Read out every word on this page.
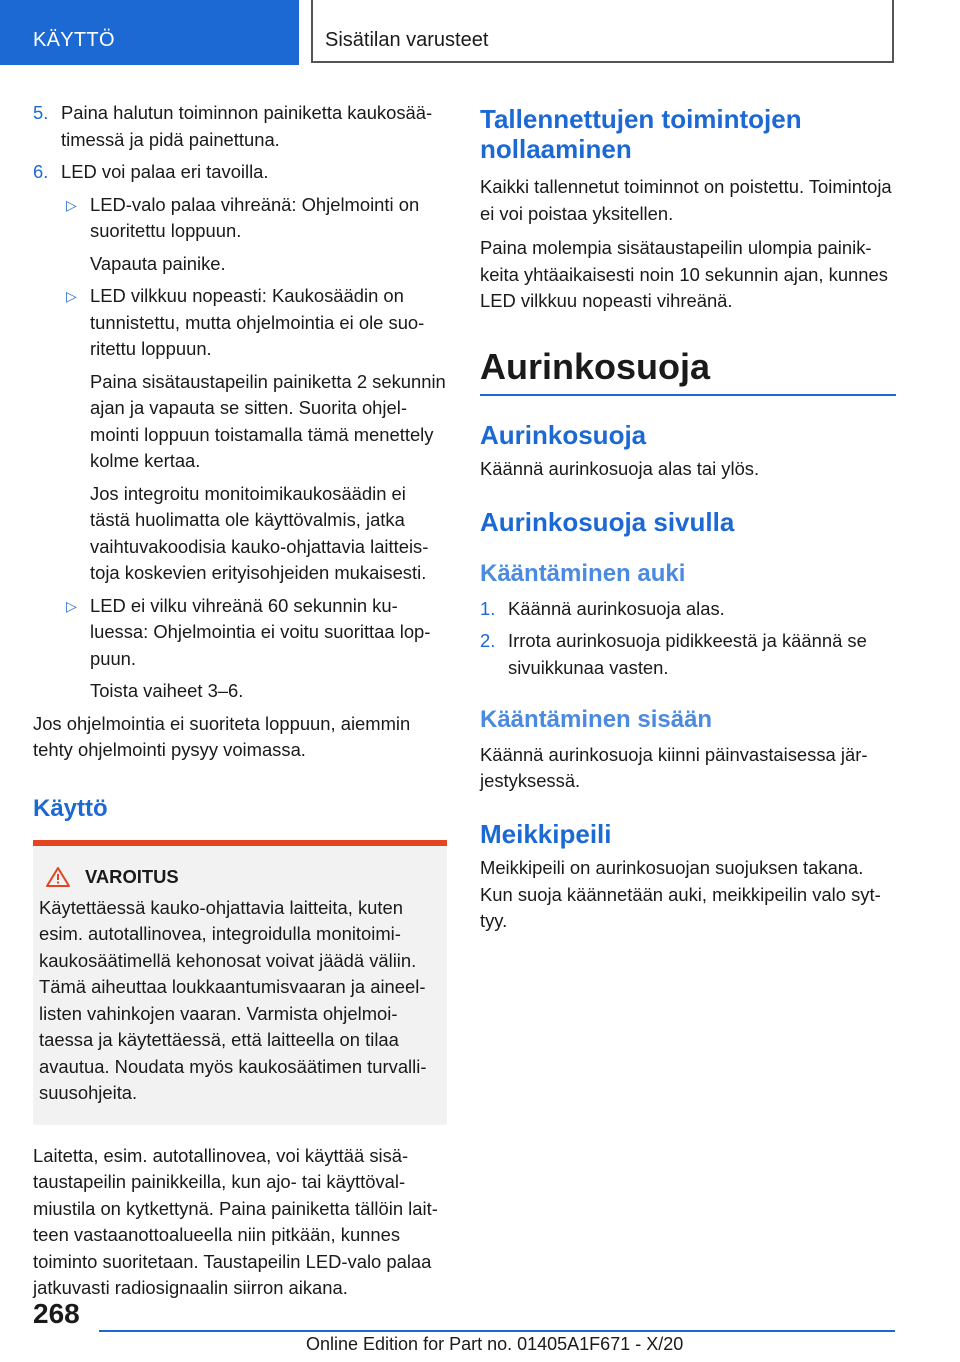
KÄYTTÖ	Sisätilan varusteet
5. Paina halutun toiminnon painiketta kaukosäätimessä ja pidä painettuna.

6. LED voi palaa eri tavoilla.

▷ LED-valo palaa vihreänä: Ohjelmointi on suoritettu loppuun.

Vapauta painike.

▷ LED vilkkuu nopeasti: Kaukosäädin on tunnistettu, mutta ohjelmointia ei ole suoritettu loppuun.

Paina sisätaustapeilin painiketta 2 sekunnin ajan ja vapauta se sitten. Suorita ohjelmointi loppuun toistamalla tämä menettely kolme kertaa.

Jos integroitu monitoimikaukosäädin ei tästä huolimatta ole käyttövalmis, jatka vaihtuvakoodisia kauko-ohjattavia laitteistoja koskevien erityisohjeiden mukaisesti.

▷ LED ei vilku vihreänä 60 sekunnin kuluessa: Ohjelmointia ei voitu suorittaa loppuun.

Toista vaiheet 3–6.

Jos ohjelmointia ei suoriteta loppuun, aiemmin tehty ohjelmointi pysyy voimassa.

Käyttö
VAROITUS

Käytettäessä kauko-ohjattavia laitteita, kuten esim. autotallinovea, integroidulla monitoimikaukosäätimellä kehonosat voivat jäädä väliin. Tämä aiheuttaa loukkaantumisvaaran ja aineellisten vahinkojen vaaran. Varmista ohjelmoitaessa ja käytettäessä, että laitteella on tilaa avautua. Noudata myös kaukosäätimen turvallisuusohjeita.

Laitetta, esim. autotallinovea, voi käyttää sisätaustapeilin painikkeilla, kun ajo- tai käyttövalmiustila on kytkettynä. Paina painiketta tällöin laitteen vastaanottoalueella niin pitkään, kunnes toiminto suoritetaan. Taustapeilin LED-valo palaa jatkuvasti radiosignaalin siirron aikana.

Tallennettujen toimintojen nollaaminen

Kaikki tallennetut toiminnot on poistettu. Toimintoja ei voi poistaa yksitellen.

Paina molempia sisätaustapeilin ulompia painikkeita yhtäaikaisesti noin 10 sekunnin ajan, kunnes LED vilkkuu nopeasti vihreänä.

Aurinkosuoja
Aurinkosuoja

Käännä aurinkosuoja alas tai ylös.

Aurinkosuoja sivulla
Kääntäminen auki
1. Käännä aurinkosuoja alas.

2. Irrota aurinkosuoja pidikkeestä ja käännä se sivuikkunaa vasten.

Kääntäminen sisään

Käännä aurinkosuoja kiinni päinvastaisessa järjestyksessä.

Meikkipeili

Meikkipeili on aurinkosuojan suojuksen takana. Kun suoja käännetään auki, meikkipeilin valo syttyy.

268
Online Edition for Part no. 01405A1F671 - X/20
